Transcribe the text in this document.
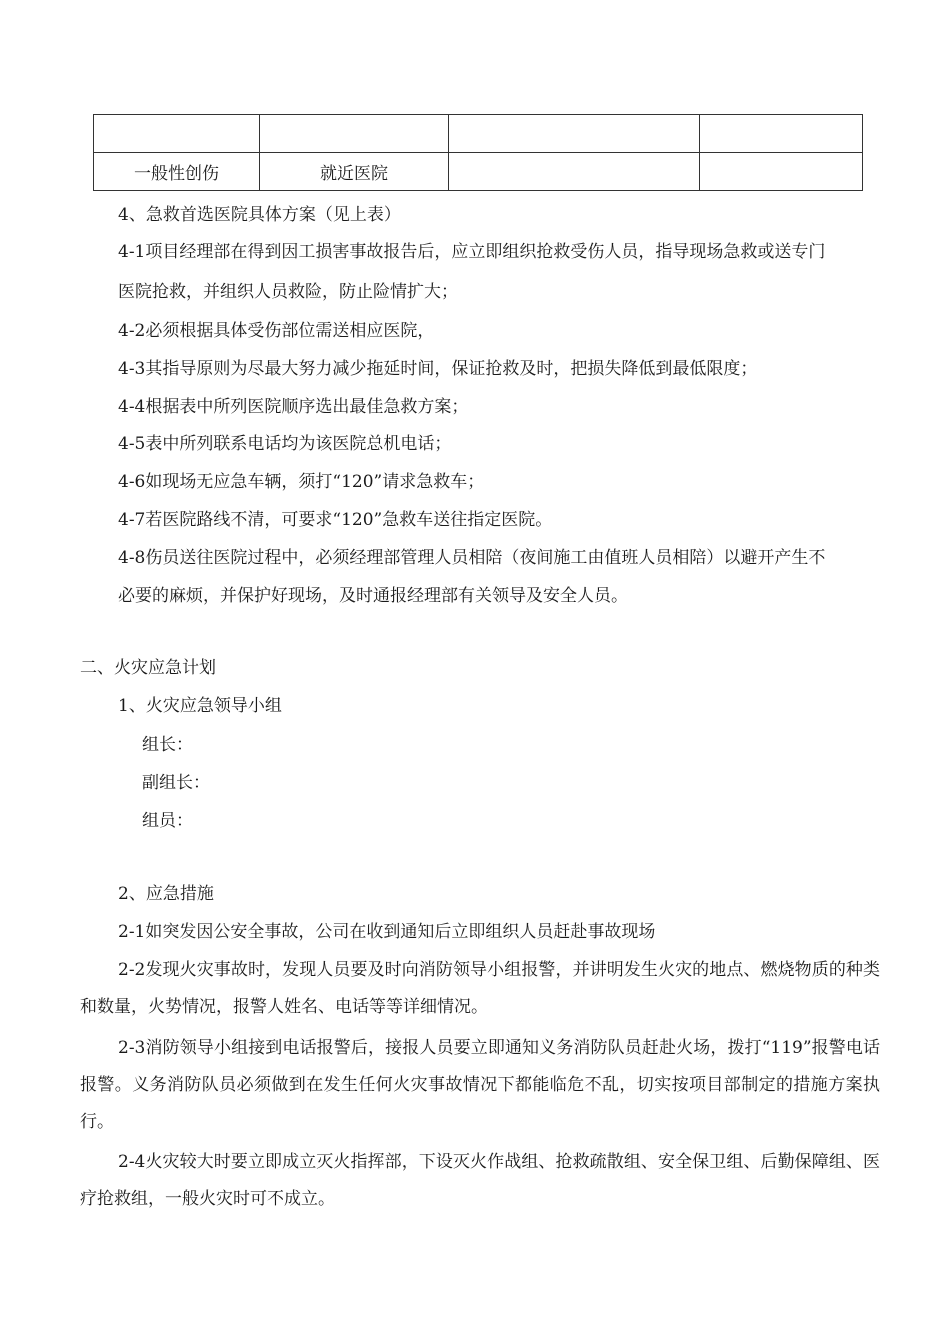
一般性创伤	就近医院		

4、急救首选医院具体方案（见上表）

4-1项目经理部在得到因工损害事故报告后，应立即组织抢救受伤人员，指导现场急救或送专门

医院抢救，并组织人员救险，防止险情扩大；

4-2必须根据具体受伤部位需送相应医院，

4-3其指导原则为尽最大努力减少拖延时间，保证抢救及时，把损失降低到最低限度；

4-4根据表中所列医院顺序选出最佳急救方案；

4-5表中所列联系电话均为该医院总机电话；

4-6如现场无应急车辆，须打“120”请求急救车；

4-7若医院路线不清，可要求“120”急救车送往指定医院。

4-8伤员送往医院过程中，必须经理部管理人员相陪（夜间施工由值班人员相陪）以避开产生不

必要的麻烦，并保护好现场，及时通报经理部有关领导及安全人员。

二、火灾应急计划

1、火灾应急领导小组

组长：

副组长：

组员：

2、应急措施

2-1如突发因公安全事故，公司在收到通知后立即组织人员赶赴事故现场

2-2发现火灾事故时，发现人员要及时向消防领导小组报警，并讲明发生火灾的地点、燃烧物质的种类和数量，火势情况，报警人姓名、电话等等详细情况。

2-3消防领导小组接到电话报警后，接报人员要立即通知义务消防队员赶赴火场，拨打“119”报警电话报警。义务消防队员必须做到在发生任何火灾事故情况下都能临危不乱，切实按项目部制定的措施方案执行。

2-4火灾较大时要立即成立灭火指挥部，下设灭火作战组、抢救疏散组、安全保卫组、后勤保障组、医疗抢救组，一般火灾时可不成立。
